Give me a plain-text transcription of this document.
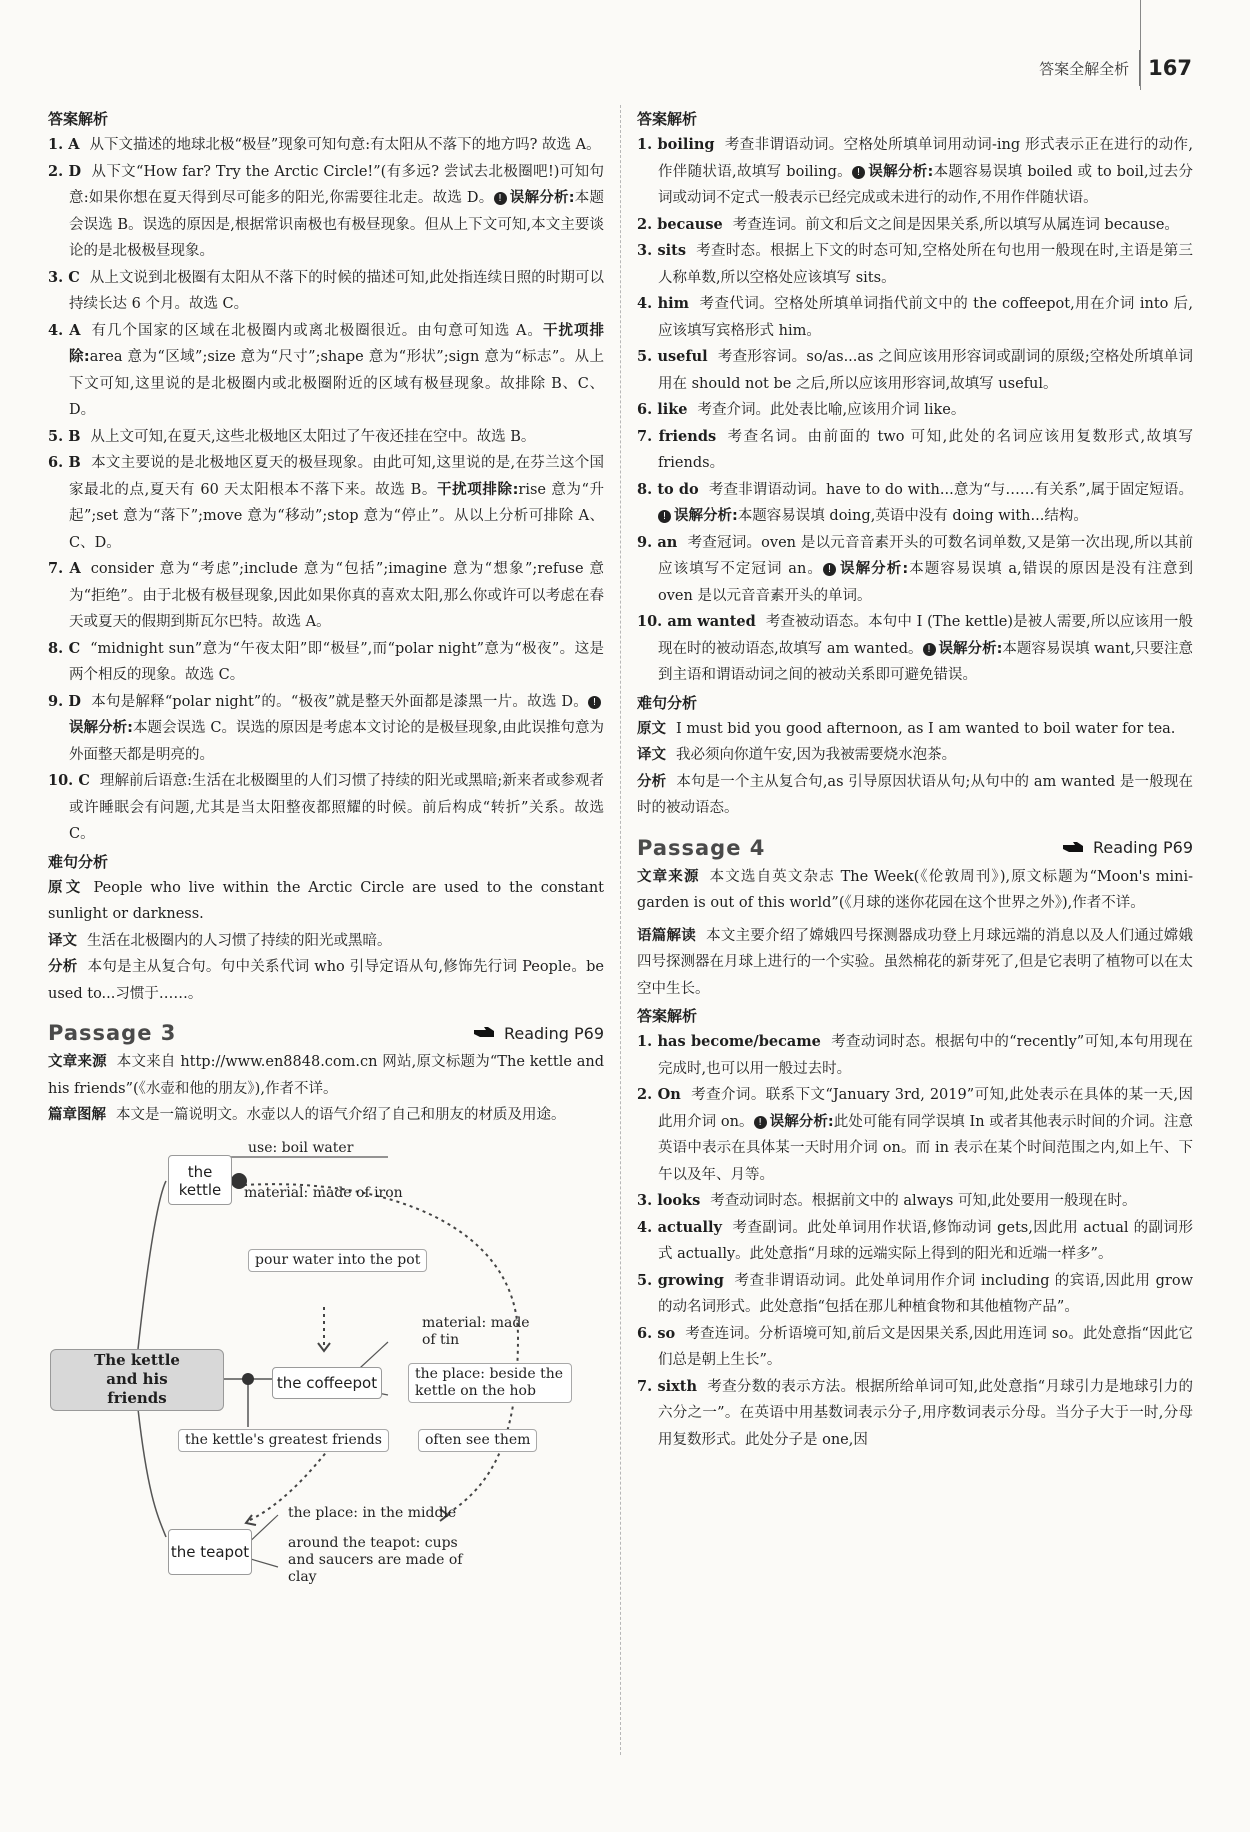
答案全解全析 167
答案解析
1. A 从下文描述的地球北极“极昼”现象可知句意:有太阳从不落下的地方吗? 故选 A。
2. D 从下文“How far? Try the Arctic Circle!”(有多远? 尝试去北极圈吧!)可知句意:如果你想在夏天得到尽可能多的阳光,你需要往北走。故选 D。 ! 误解分析:本题会误选 B。误选的原因是,根据常识南极也有极昼现象。但从上下文可知,本文主要谈论的是北极极昼现象。
3. C 从上文说到北极圈有太阳从不落下的时候的描述可知,此处指连续日照的时期可以持续长达 6 个月。故选 C。
4. A 有几个国家的区域在北极圈内或离北极圈很近。由句意可知选 A。干扰项排除:area 意为“区域”;size 意为“尺寸”;shape 意为“形状”;sign 意为“标志”。从上下文可知,这里说的是北极圈内或北极圈附近的区域有极昼现象。故排除 B、C、D。
5. B 从上文可知,在夏天,这些北极地区太阳过了午夜还挂在空中。故选 B。
6. B 本文主要说的是北极地区夏天的极昼现象。由此可知,这里说的是,在芬兰这个国家最北的点,夏天有 60 天太阳根本不落下来。故选 B。干扰项排除:rise 意为“升起”;set 意为“落下”;move 意为“移动”;stop 意为“停止”。从以上分析可排除 A、C、D。
7. A consider 意为“考虑”;include 意为“包括”;imagine 意为“想象”;refuse 意为“拒绝”。由于北极有极昼现象,因此如果你真的喜欢太阳,那么你或许可以考虑在春天或夏天的假期到斯瓦尔巴特。故选 A。
8. C “midnight sun”意为“午夜太阳”即“极昼”,而“polar night”意为“极夜”。这是两个相反的现象。故选 C。
9. D 本句是解释“polar night”的。“极夜”就是整天外面都是漆黑一片。故选 D。 !误解分析:本题会误选 C。误选的原因是考虑本文讨论的是极昼现象,由此误推句意为外面整天都是明亮的。
10. C 理解前后语意:生活在北极圈里的人们习惯了持续的阳光或黑暗;新来者或参观者或许睡眠会有问题,尤其是当太阳整夜都照耀的时候。前后构成“转折”关系。故选 C。
难句分析
原文 People who live within the Arctic Circle are used to the constant sunlight or darkness.
译文 生活在北极圈内的人习惯了持续的阳光或黑暗。
分析 本句是主从复合句。句中关系代词 who 引导定语从句,修饰先行词 People。be used to...习惯于……。
Passage 3	Reading P69
文章来源 本文来自 http://www.en8848.com.cn 网站,原文标题为“The kettle and his friends”(《水壶和他的朋友》),作者不详。
篇章图解 本文是一篇说明文。水壶以人的语气介绍了自己和朋友的材质及用途。
the kettle
use: boil water
material: made of iron
pour water into the pot
The kettle and his friends
the coffeepot
material: made of tin
the place: beside the kettle on the hob
the kettle's greatest friends	often see them
the teapot
the place: in the middle
around the teapot: cups and saucers are made of clay
答案解析
1. boiling 考查非谓语动词。空格处所填单词用动词-ing 形式表示正在进行的动作,作伴随状语,故填写 boiling。 ! 误解分析:本题容易误填 boiled 或 to boil,过去分词或动词不定式一般表示已经完成或未进行的动作,不用作伴随状语。
2. because 考查连词。前文和后文之间是因果关系,所以填写从属连词 because。
3. sits 考查时态。根据上下文的时态可知,空格处所在句也用一般现在时,主语是第三人称单数,所以空格处应该填写 sits。
4. him 考查代词。空格处所填单词指代前文中的 the coffeepot,用在介词 into 后,应该填写宾格形式 him。
5. useful 考查形容词。so/as...as 之间应该用形容词或副词的原级;空格处所填单词用在 should not be 之后,所以应该用形容词,故填写 useful。
6. like 考查介词。此处表比喻,应该用介词 like。
7. friends 考查名词。由前面的 two 可知,此处的名词应该用复数形式,故填写 friends。
8. to do 考查非谓语动词。have to do with...意为“与……有关系”,属于固定短语。! 误解分析:本题容易误填 doing,英语中没有 doing with...结构。
9. an 考查冠词。oven 是以元音音素开头的可数名词单数,又是第一次出现,所以其前应该填写不定冠词 an。 ! 误解分析:本题容易误填 a,错误的原因是没有注意到 oven 是以元音音素开头的单词。
10. am wanted 考查被动语态。本句中 I (The kettle)是被人需要,所以应该用一般现在时的被动语态,故填写 am wanted。 ! 误解分析:本题容易误填 want,只要注意到主语和谓语动词之间的被动关系即可避免错误。
难句分析
原文 I must bid you good afternoon, as I am wanted to boil water for tea.
译文 我必须向你道午安,因为我被需要烧水泡茶。
分析 本句是一个主从复合句,as 引导原因状语从句;从句中的 am wanted 是一般现在时的被动语态。
Passage 4	Reading P69
文章来源 本文选自英文杂志 The Week(《伦敦周刊》),原文标题为“Moon's mini-garden is out of this world”(《月球的迷你花园在这个世界之外》),作者不详。
语篇解读 本文主要介绍了嫦娥四号探测器成功登上月球远端的消息以及人们通过嫦娥四号探测器在月球上进行的一个实验。虽然棉花的新芽死了,但是它表明了植物可以在太空中生长。
答案解析
1. has become/became 考查动词时态。根据句中的“recently”可知,本句用现在完成时,也可以用一般过去时。
2. On 考查介词。联系下文“January 3rd, 2019”可知,此处表示在具体的某一天,因此用介词 on。 ! 误解分析:此处可能有同学误填 In 或者其他表示时间的介词。注意英语中表示在具体某一天时用介词 on。而 in 表示在某个时间范围之内,如上午、下午以及年、月等。
3. looks 考查动词时态。根据前文中的 always 可知,此处要用一般现在时。
4. actually 考查副词。此处单词用作状语,修饰动词 gets,因此用 actual 的副词形式 actually。此处意指“月球的远端实际上得到的阳光和近端一样多”。
5. growing 考查非谓语动词。此处单词用作介词 including 的宾语,因此用 grow 的动名词形式。此处意指“包括在那儿种植食物和其他植物产品”。
6. so 考查连词。分析语境可知,前后文是因果关系,因此用连词 so。此处意指“因此它们总是朝上生长”。
7. sixth 考查分数的表示方法。根据所给单词可知,此处意指“月球引力是地球引力的六分之一”。在英语中用基数词表示分子,用序数词表示分母。当分子大于一时,分母用复数形式。此处分子是 one,因
